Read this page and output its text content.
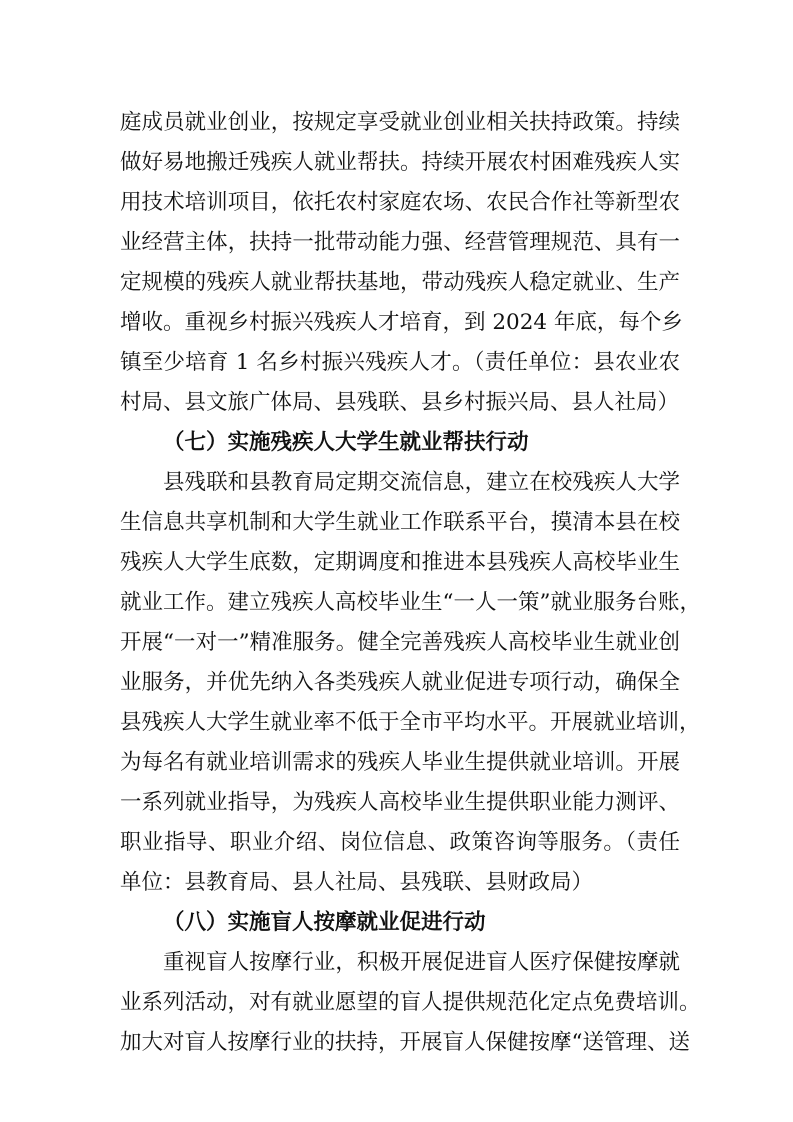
庭成员就业创业，按规定享受就业创业相关扶持政策。持续
做好易地搬迁残疾人就业帮扶。持续开展农村困难残疾人实
用技术培训项目，依托农村家庭农场、农民合作社等新型农
业经营主体，扶持一批带动能力强、经营管理规范、具有一
定规模的残疾人就业帮扶基地，带动残疾人稳定就业、生产
增收。重视乡村振兴残疾人才培育，到 2024 年底，每个乡
镇至少培育 1 名乡村振兴残疾人才。（责任单位：县农业农
村局、县文旅广体局、县残联、县乡村振兴局、县人社局）
（七）实施残疾人大学生就业帮扶行动
县残联和县教育局定期交流信息，建立在校残疾人大学
生信息共享机制和大学生就业工作联系平台，摸清本县在校
残疾人大学生底数，定期调度和推进本县残疾人高校毕业生
就业工作。建立残疾人高校毕业生“一人一策”就业服务台账，
开展“一对一”精准服务。健全完善残疾人高校毕业生就业创
业服务，并优先纳入各类残疾人就业促进专项行动，确保全
县残疾人大学生就业率不低于全市平均水平。开展就业培训，
为每名有就业培训需求的残疾人毕业生提供就业培训。开展
一系列就业指导，为残疾人高校毕业生提供职业能力测评、
职业指导、职业介绍、岗位信息、政策咨询等服务。（责任
单位：县教育局、县人社局、县残联、县财政局）
（八）实施盲人按摩就业促进行动
重视盲人按摩行业，积极开展促进盲人医疗保健按摩就
业系列活动，对有就业愿望的盲人提供规范化定点免费培训。
加大对盲人按摩行业的扶持，开展盲人保健按摩“送管理、送
